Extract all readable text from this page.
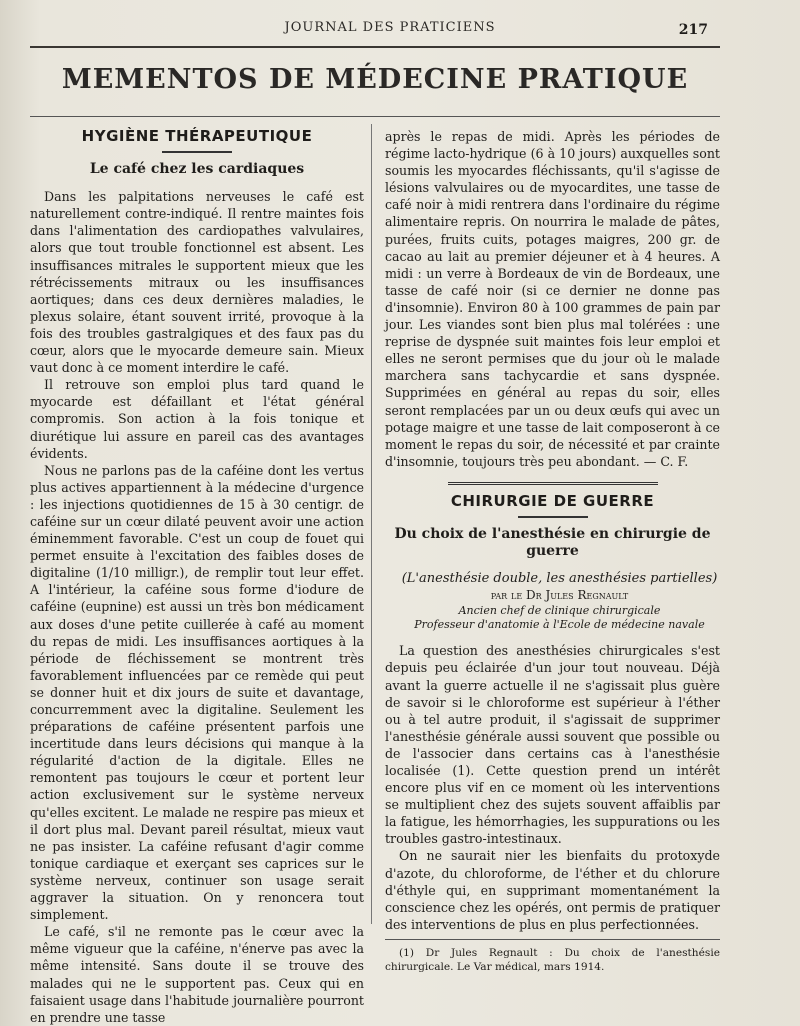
JOURNAL DES PRATICIENS	217
MEMENTOS DE MÉDECINE PRATIQUE
HYGIÈNE THÉRAPEUTIQUE
Le café chez les cardiaques

Dans les palpitations nerveuses le café est naturellement contre-indiqué. Il rentre maintes fois dans l'alimentation des cardiopathes valvulaires, alors que tout trouble fonctionnel est absent. Les insuffisances mitrales le supportent mieux que les rétrécissements mitraux ou les insuffisances aortiques; dans ces deux dernières maladies, le plexus solaire, étant souvent irrité, provoque à la fois des troubles gastralgiques et des faux pas du cœur, alors que le myocarde demeure sain. Mieux vaut donc à ce moment interdire le café.

Il retrouve son emploi plus tard quand le myocarde est défaillant et l'état général compromis. Son action à la fois tonique et diurétique lui assure en pareil cas des avantages évidents.

Nous ne parlons pas de la caféine dont les vertus plus actives appartiennent à la médecine d'urgence : les injections quotidiennes de 15 à 30 centigr. de caféine sur un cœur dilaté peuvent avoir une action éminemment favorable. C'est un coup de fouet qui permet ensuite à l'excitation des faibles doses de digitaline (1/10 milligr.), de remplir tout leur effet. A l'intérieur, la caféine sous forme d'iodure de caféine (eupnine) est aussi un très bon médicament aux doses d'une petite cuillerée à café au moment du repas de midi. Les insuffisances aortiques à la période de fléchissement se montrent très favorablement influencées par ce remède qui peut se donner huit et dix jours de suite et davantage, concurremment avec la digitaline. Seulement les préparations de caféine présentent parfois une incertitude dans leurs décisions qui manque à la régularité d'action de la digitale. Elles ne remontent pas toujours le cœur et portent leur action exclusivement sur le système nerveux qu'elles excitent. Le malade ne respire pas mieux et il dort plus mal. Devant pareil résultat, mieux vaut ne pas insister. La caféine refusant d'agir comme tonique cardiaque et exerçant ses caprices sur le système nerveux, continuer son usage serait aggraver la situation. On y renoncera tout simplement.

Le café, s'il ne remonte pas le cœur avec la même vigueur que la caféine, n'énerve pas avec la même intensité. Sans doute il se trouve des malades qui ne le supportent pas. Ceux qui en faisaient usage dans l'habitude journalière pourront en prendre une tasse

après le repas de midi. Après les périodes de régime lacto-hydrique (6 à 10 jours) auxquelles sont soumis les myocardes fléchissants, qu'il s'agisse de lésions valvulaires ou de myocardites, une tasse de café noir à midi rentrera dans l'ordinaire du régime alimentaire repris. On nourrira le malade de pâtes, purées, fruits cuits, potages maigres, 200 gr. de cacao au lait au premier déjeuner et à 4 heures. A midi : un verre à Bordeaux de vin de Bordeaux, une tasse de café noir (si ce dernier ne donne pas d'insomnie). Environ 80 à 100 grammes de pain par jour. Les viandes sont bien plus mal tolérées : une reprise de dyspnée suit maintes fois leur emploi et elles ne seront permises que du jour où le malade marchera sans tachycardie et sans dyspnée. Supprimées en général au repas du soir, elles seront remplacées par un ou deux œufs qui avec un potage maigre et une tasse de lait composeront à ce moment le repas du soir, de nécessité et par crainte d'insomnie, toujours très peu abondant. — C. F.

CHIRURGIE DE GUERRE
Du choix de l'anesthésie en chirurgie de guerre

(L'anesthésie double, les anesthésies partielles)

par le Dr Jules Regnault

Ancien chef de clinique chirurgicale

Professeur d'anatomie à l'Ecole de médecine navale

La question des anesthésies chirurgicales s'est depuis peu éclairée d'un jour tout nouveau. Déjà avant la guerre actuelle il ne s'agissait plus guère de savoir si le chloroforme est supérieur à l'éther ou à tel autre produit, il s'agissait de supprimer l'anesthésie générale aussi souvent que possible ou de l'associer dans certains cas à l'anesthésie localisée (1). Cette question prend un intérêt encore plus vif en ce moment où les interventions se multiplient chez des sujets souvent affaiblis par la fatigue, les hémorrhagies, les suppurations ou les troubles gastro-intestinaux.

On ne saurait nier les bienfaits du protoxyde d'azote, du chloroforme, de l'éther et du chlorure d'éthyle qui, en supprimant momentanément la conscience chez les opérés, ont permis de pratiquer des interventions de plus en plus perfectionnées.

(1) Dr Jules Regnault : Du choix de l'anesthésie chirurgicale. Le Var médical, mars 1914.
